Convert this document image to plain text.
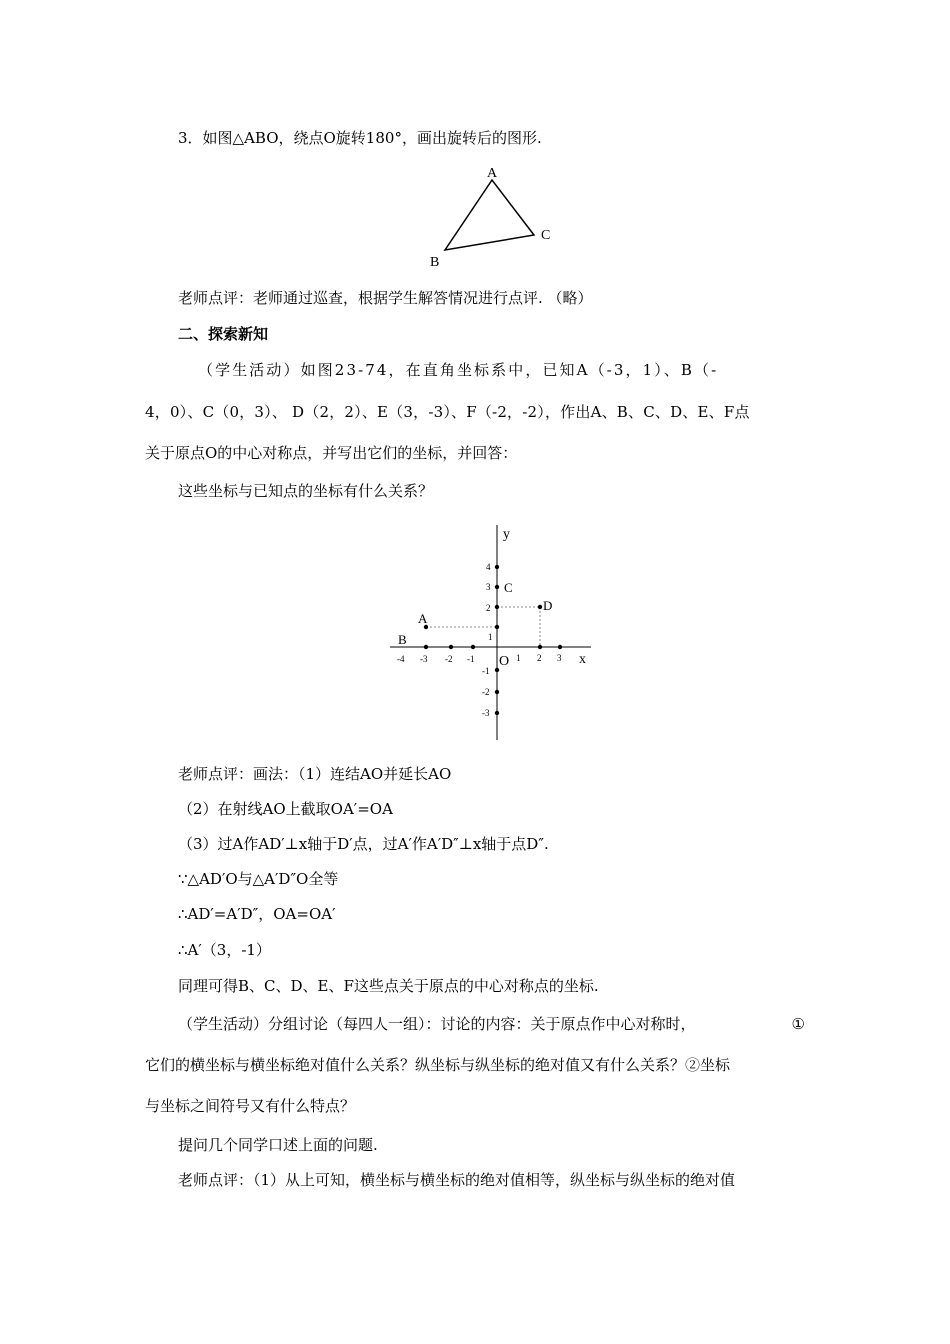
3．如图△ABO，绕点O旋转180°，画出旋转后的图形.
A
B
C
老师点评：老师通过巡查，根据学生解答情况进行点评. （略）
二、探索新知
（学生活动）如图23-74，在直角坐标系中，已知A（-3，1）、B（-
4，0）、C（0，3）、 D（2，2）、E（3，-3）、F（-2，-2），作出A、B、C、D、E、F点
关于原点O的中心对称点，并写出它们的坐标，并回答：
这些坐标与已知点的坐标有什么关系？
y
x
O
A
B
C
D
-4 -3 -2 -1	1 2 3
4
3
2
1
-1
-2
-3
老师点评：画法：（1）连结AO并延长AO
（2）在射线AO上截取OA′=OA
（3）过A作AD′⊥x轴于D′点，过A′作A′D″⊥x轴于点D″.
∵△AD′O与△A′D″O全等
∴AD′=A′D″，OA=OA′
∴A′（3，-1）
同理可得B、C、D、E、F这些点关于原点的中心对称点的坐标.
（学生活动）分组讨论（每四人一组）：讨论的内容：关于原点作中心对称时，	①
它们的横坐标与横坐标绝对值什么关系？纵坐标与纵坐标的绝对值又有什么关系？②坐标
与坐标之间符号又有什么特点？
提问几个同学口述上面的问题.
老师点评：（1）从上可知，横坐标与横坐标的绝对值相等，纵坐标与纵坐标的绝对值
